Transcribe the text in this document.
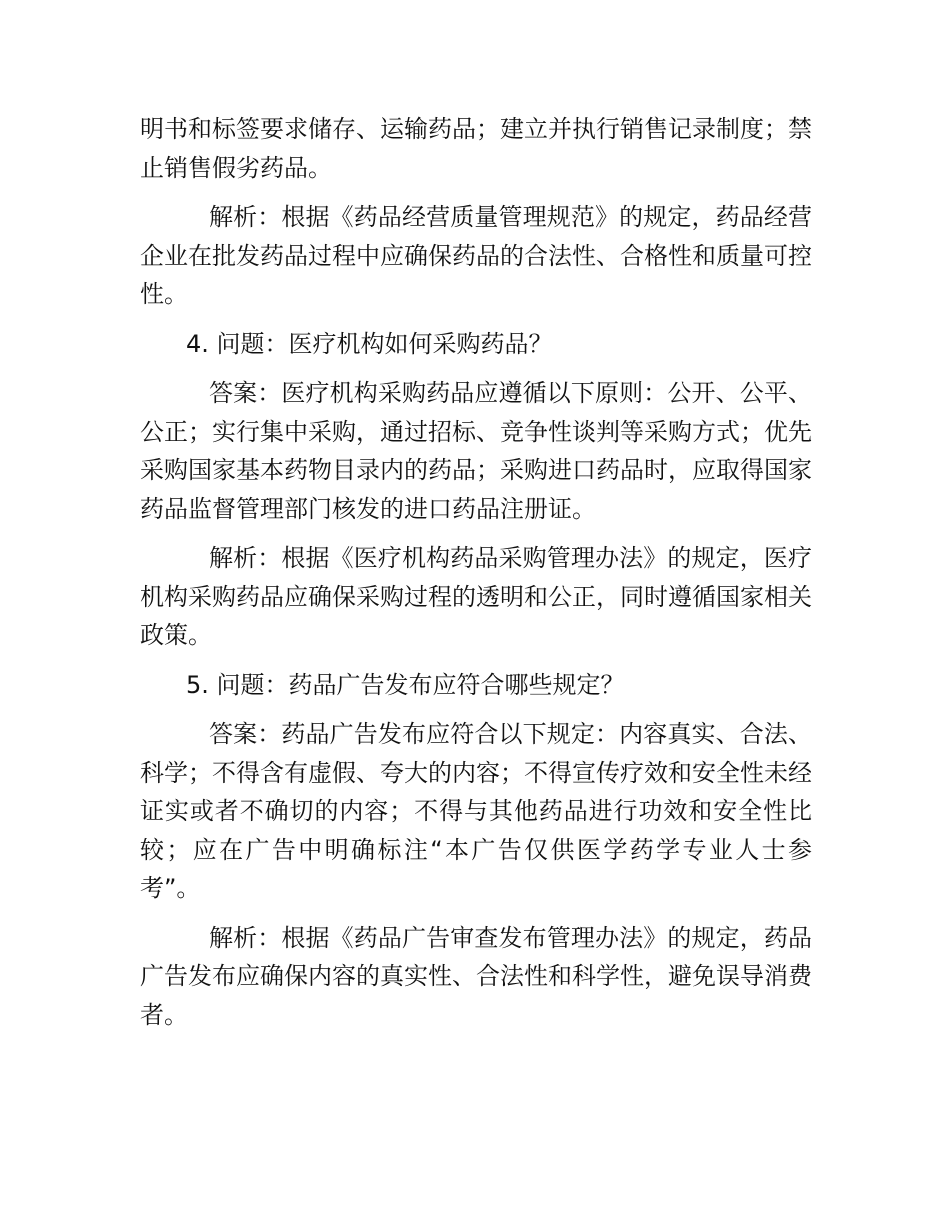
明书和标签要求储存、运输药品；建立并执行销售记录制度；禁止销售假劣药品。

解析：根据《药品经营质量管理规范》的规定，药品经营企业在批发药品过程中应确保药品的合法性、合格性和质量可控性。

4. 问题：医疗机构如何采购药品？

答案：医疗机构采购药品应遵循以下原则：公开、公平、公正；实行集中采购，通过招标、竞争性谈判等采购方式；优先采购国家基本药物目录内的药品；采购进口药品时，应取得国家药品监督管理部门核发的进口药品注册证。

解析：根据《医疗机构药品采购管理办法》的规定，医疗机构采购药品应确保采购过程的透明和公正，同时遵循国家相关政策。

5. 问题：药品广告发布应符合哪些规定？

答案：药品广告发布应符合以下规定：内容真实、合法、科学；不得含有虚假、夸大的内容；不得宣传疗效和安全性未经证实或者不确切的内容；不得与其他药品进行功效和安全性比较；应在广告中明确标注“本广告仅供医学药学专业人士参考”。

解析：根据《药品广告审查发布管理办法》的规定，药品广告发布应确保内容的真实性、合法性和科学性，避免误导消费者。
